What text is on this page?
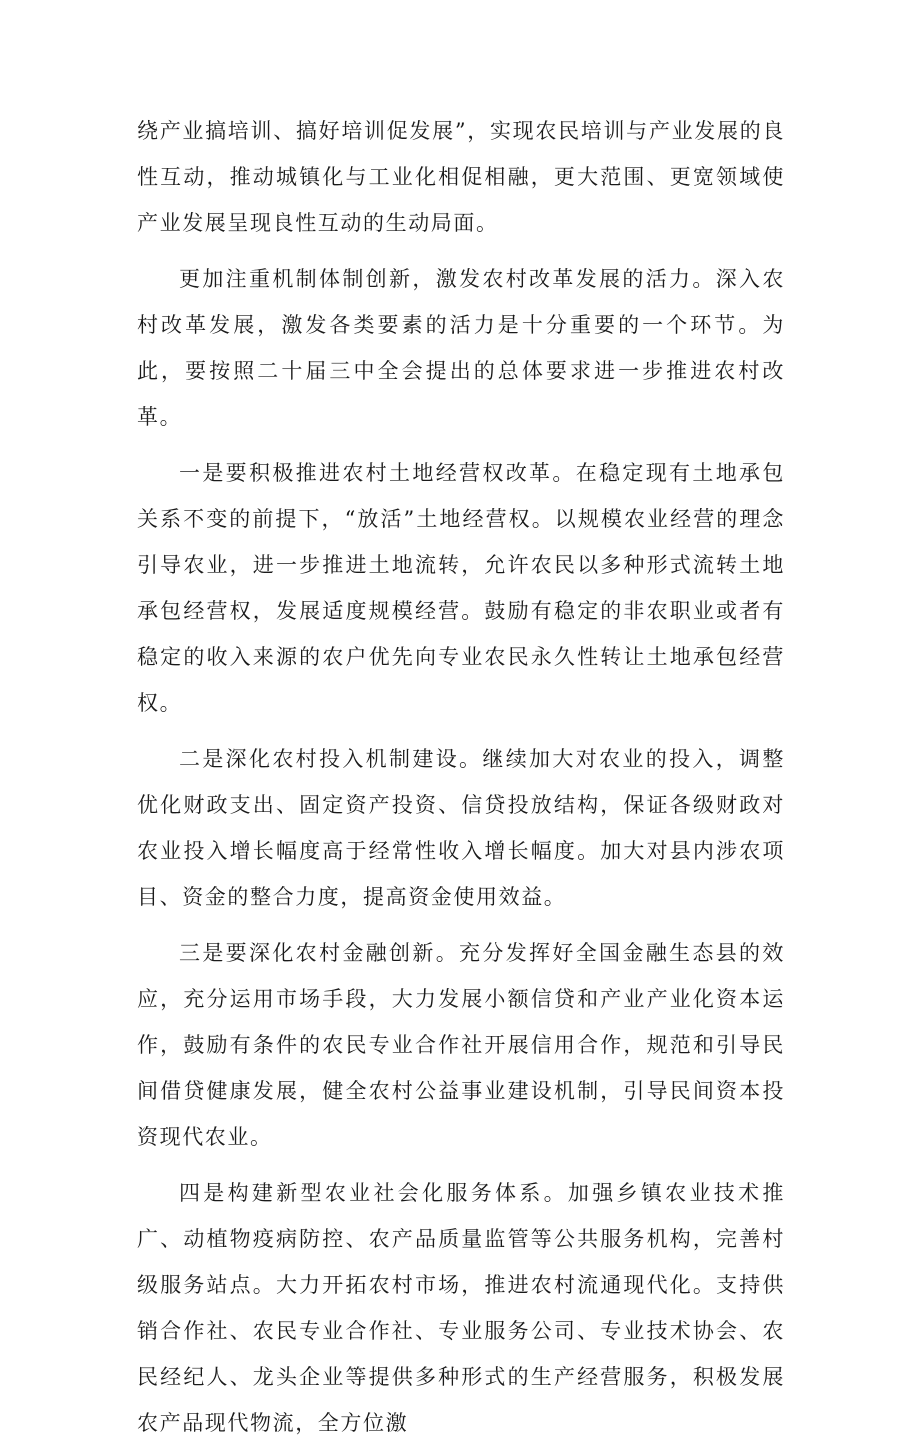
绕产业搞培训、搞好培训促发展”，实现农民培训与产业发展的良性互动，推动城镇化与工业化相促相融，更大范围、更宽领域使产业发展呈现良性互动的生动局面。

更加注重机制体制创新，激发农村改革发展的活力。深入农村改革发展，激发各类要素的活力是十分重要的一个环节。为此，要按照二十届三中全会提出的总体要求进一步推进农村改革。

一是要积极推进农村土地经营权改革。在稳定现有土地承包关系不变的前提下，“放活”土地经营权。以规模农业经营的理念引导农业，进一步推进土地流转，允许农民以多种形式流转土地承包经营权，发展适度规模经营。鼓励有稳定的非农职业或者有稳定的收入来源的农户优先向专业农民永久性转让土地承包经营权。

二是深化农村投入机制建设。继续加大对农业的投入，调整优化财政支出、固定资产投资、信贷投放结构，保证各级财政对农业投入增长幅度高于经常性收入增长幅度。加大对县内涉农项目、资金的整合力度，提高资金使用效益。

三是要深化农村金融创新。充分发挥好全国金融生态县的效应，充分运用市场手段，大力发展小额信贷和产业产业化资本运作，鼓励有条件的农民专业合作社开展信用合作，规范和引导民间借贷健康发展，健全农村公益事业建设机制，引导民间资本投资现代农业。

四是构建新型农业社会化服务体系。加强乡镇农业技术推广、动植物疫病防控、农产品质量监管等公共服务机构，完善村级服务站点。大力开拓农村市场，推进农村流通现代化。支持供销合作社、农民专业合作社、专业服务公司、专业技术协会、农民经纪人、龙头企业等提供多种形式的生产经营服务，积极发展农产品现代物流，全方位激
